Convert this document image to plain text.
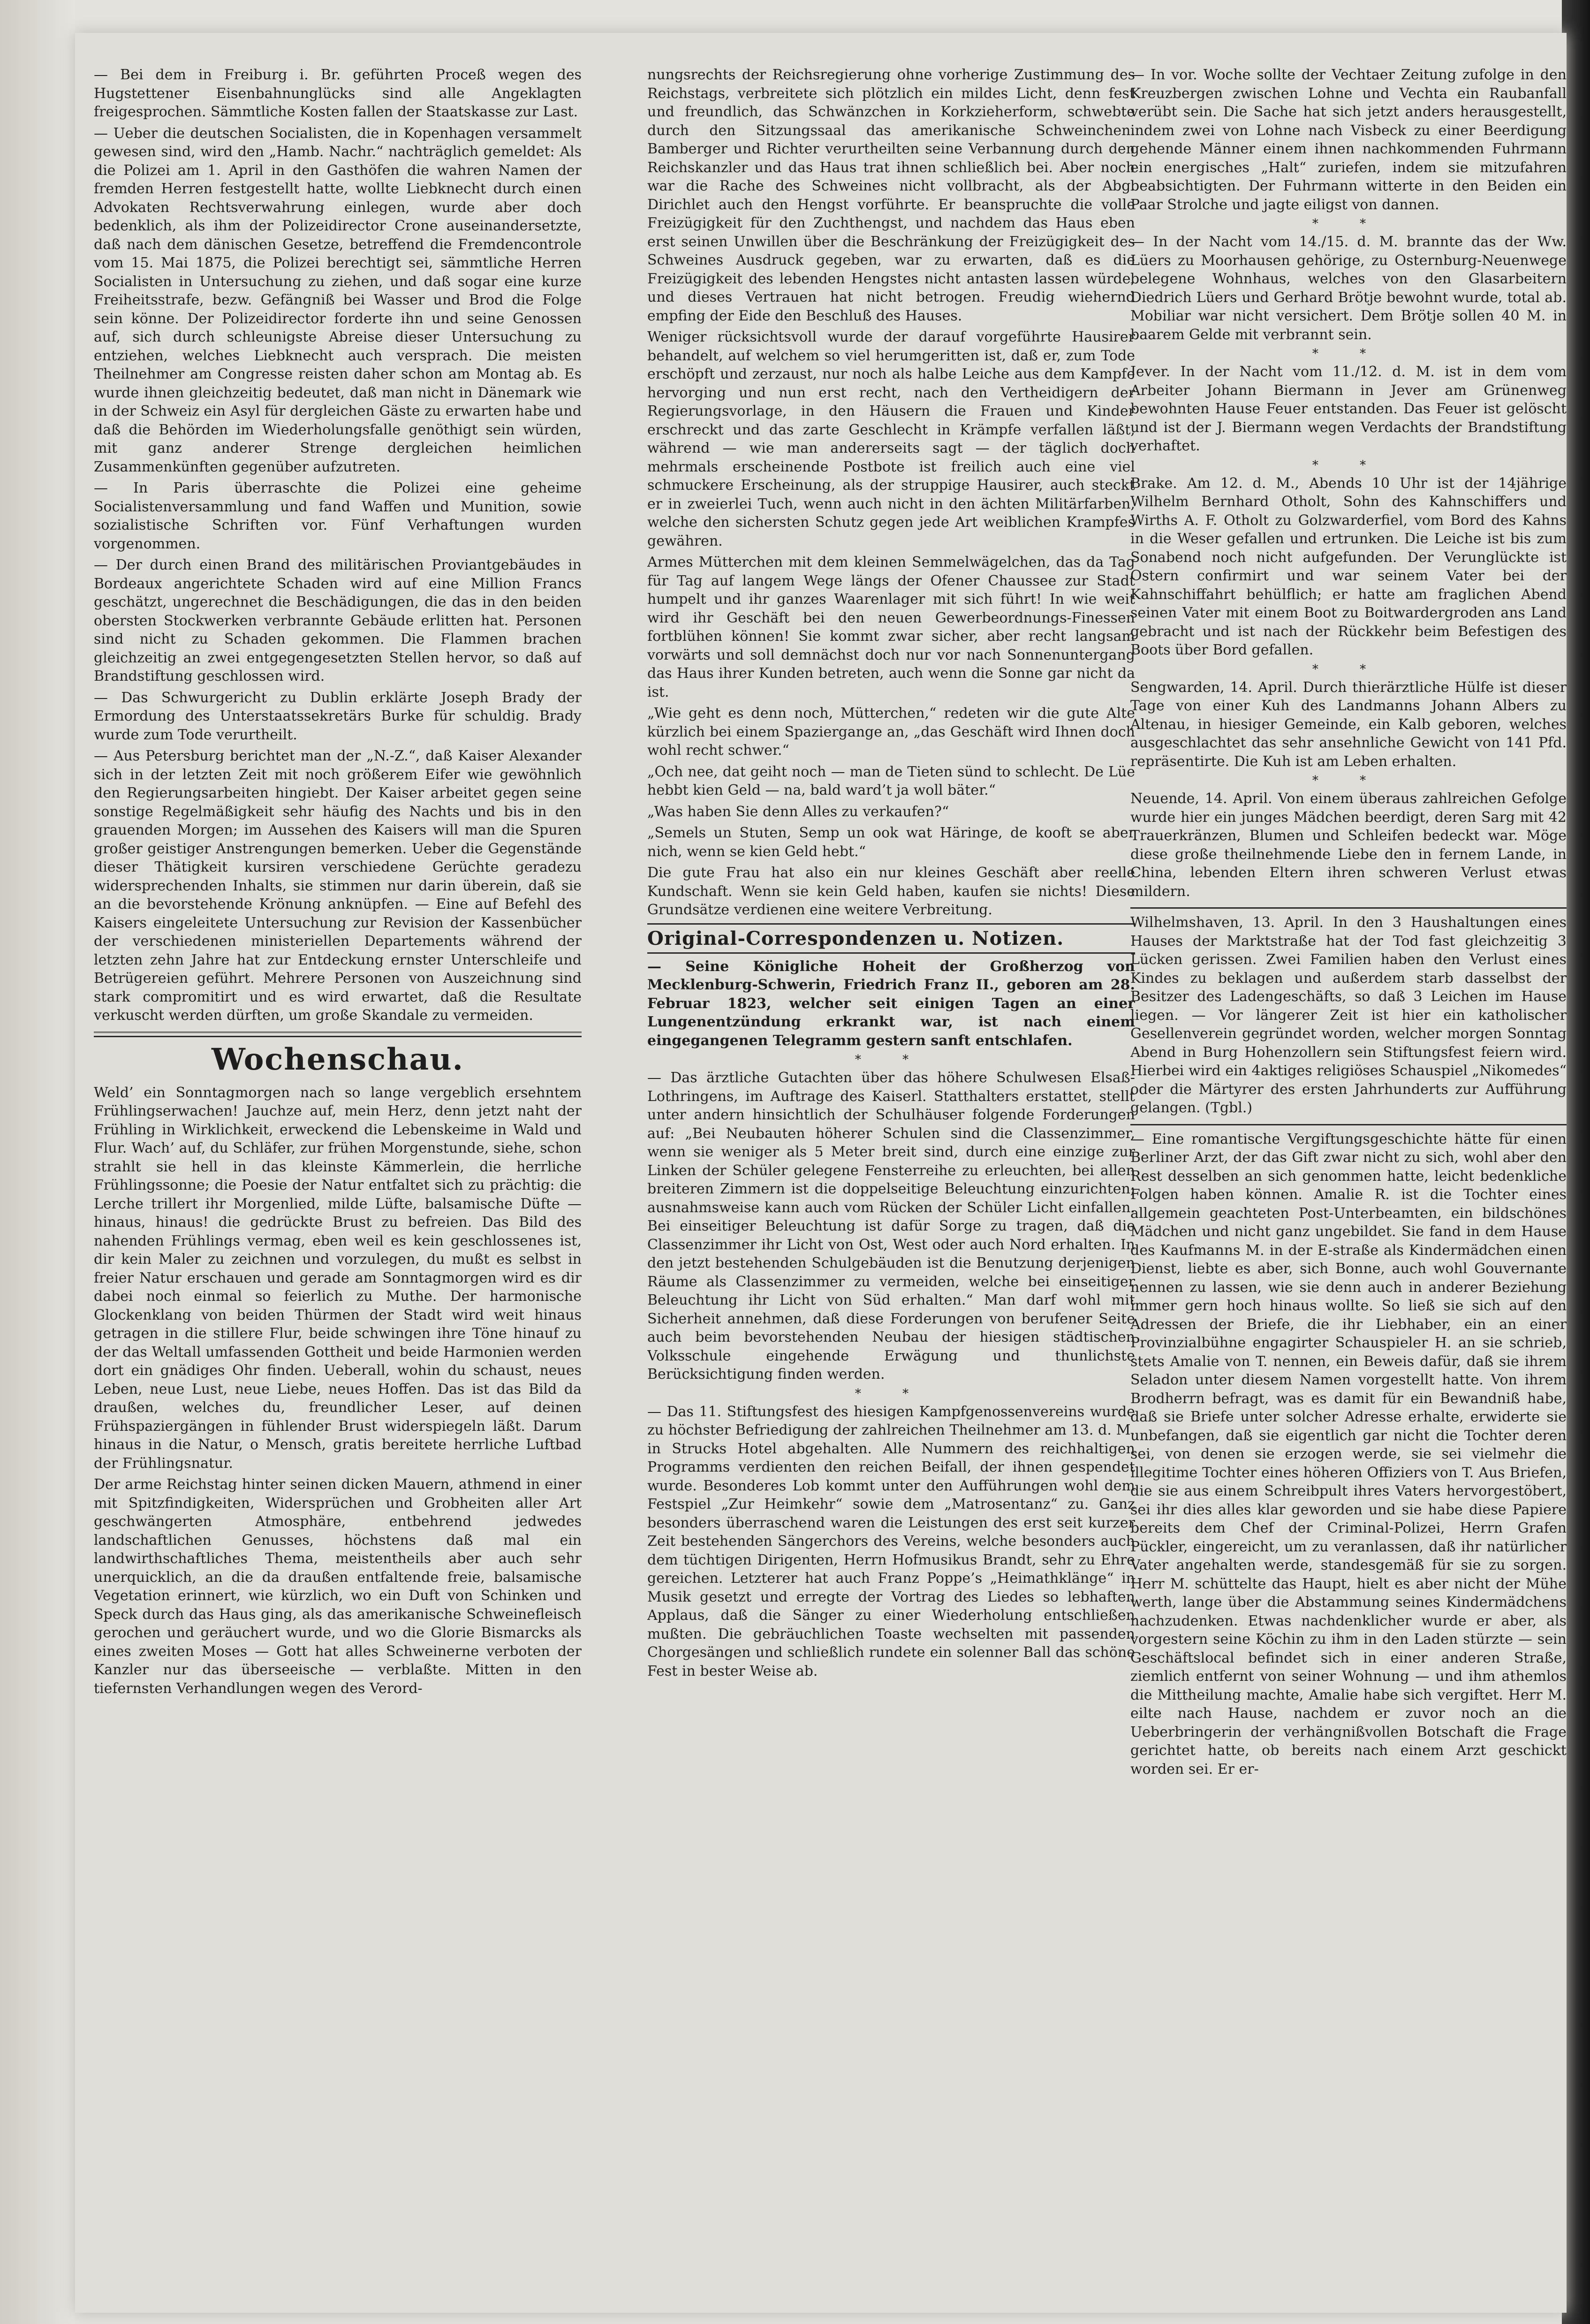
— Bei dem in Freiburg i. Br. geführten Proceß wegen des Hugstettener Eisenbahnunglücks sind alle Angeklagten freigesprochen. Sämmtliche Kosten fallen der Staatskasse zur Last.

— Ueber die deutschen Socialisten, die in Kopenhagen versammelt gewesen sind, wird den „Hamb. Nachr.“ nachträglich gemeldet: Als die Polizei am 1. April in den Gasthöfen die wahren Namen der fremden Herren festgestellt hatte, wollte Liebknecht durch einen Advokaten Rechtsverwahrung einlegen, wurde aber doch bedenklich, als ihm der Polizeidirector Crone auseinandersetzte, daß nach dem dänischen Gesetze, betreffend die Fremdencontrole vom 15. Mai 1875, die Polizei berechtigt sei, sämmtliche Herren Socialisten in Untersuchung zu ziehen, und daß sogar eine kurze Freiheitsstrafe, bezw. Gefängniß bei Wasser und Brod die Folge sein könne. Der Polizeidirector forderte ihn und seine Genossen auf, sich durch schleunigste Abreise dieser Untersuchung zu entziehen, welches Liebknecht auch versprach. Die meisten Theilnehmer am Congresse reisten daher schon am Montag ab. Es wurde ihnen gleichzeitig bedeutet, daß man nicht in Dänemark wie in der Schweiz ein Asyl für dergleichen Gäste zu erwarten habe und daß die Behörden im Wiederholungsfalle genöthigt sein würden, mit ganz anderer Strenge dergleichen heimlichen Zusammenkünften gegenüber aufzutreten.

— In Paris überraschte die Polizei eine geheime Socialistenversammlung und fand Waffen und Munition, sowie sozialistische Schriften vor. Fünf Verhaftungen wurden vorgenommen.

— Der durch einen Brand des militärischen Proviantgebäudes in Bordeaux angerichtete Schaden wird auf eine Million Francs geschätzt, ungerechnet die Beschädigungen, die das in den beiden obersten Stockwerken verbrannte Gebäude erlitten hat. Personen sind nicht zu Schaden gekommen. Die Flammen brachen gleichzeitig an zwei entgegengesetzten Stellen hervor, so daß auf Brandstiftung geschlossen wird.

— Das Schwurgericht zu Dublin erklärte Joseph Brady der Ermordung des Unterstaatssekretärs Burke für schuldig. Brady wurde zum Tode verurtheilt.

— Aus Petersburg berichtet man der „N.-Z.“, daß Kaiser Alexander sich in der letzten Zeit mit noch größerem Eifer wie gewöhnlich den Regierungsarbeiten hingiebt. Der Kaiser arbeitet gegen seine sonstige Regelmäßigkeit sehr häufig des Nachts und bis in den grauenden Morgen; im Aussehen des Kaisers will man die Spuren großer geistiger Anstrengungen bemerken. Ueber die Gegenstände dieser Thätigkeit kursiren verschiedene Gerüchte geradezu widersprechenden Inhalts, sie stimmen nur darin überein, daß sie an die bevorstehende Krönung anknüpfen. — Eine auf Befehl des Kaisers eingeleitete Untersuchung zur Revision der Kassenbücher der verschiedenen ministeriellen Departements während der letzten zehn Jahre hat zur Entdeckung ernster Unterschleife und Betrügereien geführt. Mehrere Personen von Auszeichnung sind stark compromitirt und es wird erwartet, daß die Resultate verkuscht werden dürften, um große Skandale zu vermeiden.

Wochenschau.

Weld’ ein Sonntagmorgen nach so lange vergeblich ersehntem Frühlingserwachen! Jauchze auf, mein Herz, denn jetzt naht der Frühling in Wirklichkeit, erweckend die Lebenskeime in Wald und Flur. Wach’ auf, du Schläfer, zur frühen Morgenstunde, siehe, schon strahlt sie hell in das kleinste Kämmerlein, die herrliche Frühlingssonne; die Poesie der Natur entfaltet sich zu prächtig: die Lerche trillert ihr Morgenlied, milde Lüfte, balsamische Düfte — hinaus, hinaus! die gedrückte Brust zu befreien. Das Bild des nahenden Frühlings vermag, eben weil es kein geschlossenes ist, dir kein Maler zu zeichnen und vorzulegen, du mußt es selbst in freier Natur erschauen und gerade am Sonntagmorgen wird es dir dabei noch einmal so feierlich zu Muthe. Der harmonische Glockenklang von beiden Thürmen der Stadt wird weit hinaus getragen in die stillere Flur, beide schwingen ihre Töne hinauf zu der das Weltall umfassenden Gottheit und beide Harmonien werden dort ein gnädiges Ohr finden. Ueberall, wohin du schaust, neues Leben, neue Lust, neue Liebe, neues Hoffen. Das ist das Bild da draußen, welches du, freundlicher Leser, auf deinen Frühspaziergängen in fühlender Brust widerspiegeln läßt. Darum hinaus in die Natur, o Mensch, gratis bereitete herrliche Luftbad der Frühlingsnatur.

Der arme Reichstag hinter seinen dicken Mauern, athmend in einer mit Spitzfindigkeiten, Widersprüchen und Grobheiten aller Art geschwängerten Atmosphäre, entbehrend jedwedes landschaftlichen Genusses, höchstens daß mal ein landwirthschaftliches Thema, meistentheils aber auch sehr unerquicklich, an die da draußen entfaltende freie, balsamische Vegetation erinnert, wie kürzlich, wo ein Duft von Schinken und Speck durch das Haus ging, als das amerikanische Schweinefleisch gerochen und geräuchert wurde, und wo die Glorie Bismarcks als eines zweiten Moses — Gott hat alles Schweinerne verboten der Kanzler nur das überseeische — verblaßte. Mitten in den tiefernsten Verhandlungen wegen des Verord-

nungsrechts der Reichsregierung ohne vorherige Zustimmung des Reichstags, verbreitete sich plötzlich ein mildes Licht, denn fest und freundlich, das Schwänzchen in Korkzieherform, schwebte durch den Sitzungssaal das amerikanische Schweinchen. Bamberger und Richter verurtheilten seine Verbannung durch den Reichskanzler und das Haus trat ihnen schließlich bei. Aber noch war die Rache des Schweines nicht vollbracht, als der Abg. Dirichlet auch den Hengst vorführte. Er beanspruchte die volle Freizügigkeit für den Zuchthengst, und nachdem das Haus eben erst seinen Unwillen über die Beschränkung der Freizügigkeit des Schweines Ausdruck gegeben, war zu erwarten, daß es die Freizügigkeit des lebenden Hengstes nicht antasten lassen würde, und dieses Vertrauen hat nicht betrogen. Freudig wiehernd empfing der Eide den Beschluß des Hauses.

Weniger rücksichtsvoll wurde der darauf vorgeführte Hausirer behandelt, auf welchem so viel herumgeritten ist, daß er, zum Tode erschöpft und zerzaust, nur noch als halbe Leiche aus dem Kampfe hervorging und nun erst recht, nach den Vertheidigern der Regierungsvorlage, in den Häusern die Frauen und Kinder erschreckt und das zarte Geschlecht in Krämpfe verfallen läßt, während — wie man andererseits sagt — der täglich doch mehrmals erscheinende Postbote ist freilich auch eine viel schmuckere Erscheinung, als der struppige Hausirer, auch steckt er in zweierlei Tuch, wenn auch nicht in den ächten Militärfarben, welche den sichersten Schutz gegen jede Art weiblichen Krampfes gewähren.

Armes Mütterchen mit dem kleinen Semmelwägelchen, das da Tag für Tag auf langem Wege längs der Ofener Chaussee zur Stadt humpelt und ihr ganzes Waarenlager mit sich führt! In wie weit wird ihr Geschäft bei den neuen Gewerbeordnungs-Finessen fortblühen können! Sie kommt zwar sicher, aber recht langsam vorwärts und soll demnächst doch nur vor nach Sonnenuntergang das Haus ihrer Kunden betreten, auch wenn die Sonne gar nicht da ist.

„Wie geht es denn noch, Mütterchen,“ redeten wir die gute Alte kürzlich bei einem Spaziergange an, „das Geschäft wird Ihnen doch wohl recht schwer.“

„Och nee, dat geiht noch — man de Tieten sünd to schlecht. De Lüe hebbt kien Geld — na, bald ward’t ja woll bäter.“

„Was haben Sie denn Alles zu verkaufen?“

„Semels un Stuten, Semp un ook wat Häringe, de kooft se aber nich, wenn se kien Geld hebt.“

Die gute Frau hat also ein nur kleines Geschäft aber reelle Kundschaft. Wenn sie kein Geld haben, kaufen sie nichts! Diese Grundsätze verdienen eine weitere Verbreitung.

Original-Correspondenzen u. Notizen.

— Seine Königliche Hoheit der Großherzog von Mecklenburg-Schwerin, Friedrich Franz II., geboren am 28. Februar 1823, welcher seit einigen Tagen an einer Lungenentzündung erkrankt war, ist nach einem eingegangenen Telegramm gestern sanft entschlafen.

* *

— Das ärztliche Gutachten über das höhere Schulwesen Elsaß-Lothringens, im Auftrage des Kaiserl. Statthalters erstattet, stellt unter andern hinsichtlich der Schulhäuser folgende Forderungen auf: „Bei Neubauten höherer Schulen sind die Classenzimmer, wenn sie weniger als 5 Meter breit sind, durch eine einzige zur Linken der Schüler gelegene Fensterreihe zu erleuchten, bei allen breiteren Zimmern ist die doppelseitige Beleuchtung einzurichten; ausnahmsweise kann auch vom Rücken der Schüler Licht einfallen. Bei einseitiger Beleuchtung ist dafür Sorge zu tragen, daß die Classenzimmer ihr Licht von Ost, West oder auch Nord erhalten. In den jetzt bestehenden Schulgebäuden ist die Benutzung derjenigen Räume als Classenzimmer zu vermeiden, welche bei einseitiger Beleuchtung ihr Licht von Süd erhalten.“ Man darf wohl mit Sicherheit annehmen, daß diese Forderungen von berufener Seite auch beim bevorstehenden Neubau der hiesigen städtischen Volksschule eingehende Erwägung und thunlichste Berücksichtigung finden werden.

* *

— Das 11. Stiftungsfest des hiesigen Kampfgenossenvereins wurde zu höchster Befriedigung der zahlreichen Theilnehmer am 13. d. M. in Strucks Hotel abgehalten. Alle Nummern des reichhaltigen Programms verdienten den reichen Beifall, der ihnen gespendet wurde. Besonderes Lob kommt unter den Aufführungen wohl dem Festspiel „Zur Heimkehr“ sowie dem „Matrosentanz“ zu. Ganz besonders überraschend waren die Leistungen des erst seit kurzer Zeit bestehenden Sängerchors des Vereins, welche besonders auch dem tüchtigen Dirigenten, Herrn Hofmusikus Brandt, sehr zu Ehre gereichen. Letzterer hat auch Franz Poppe’s „Heimathklänge“ in Musik gesetzt und erregte der Vortrag des Liedes so lebhaften Applaus, daß die Sänger zu einer Wiederholung entschließen mußten. Die gebräuchlichen Toaste wechselten mit passenden Chorgesängen und schließlich rundete ein solenner Ball das schöne Fest in bester Weise ab.

— In vor. Woche sollte der Vechtaer Zeitung zufolge in den Kreuzbergen zwischen Lohne und Vechta ein Raubanfall verübt sein. Die Sache hat sich jetzt anders herausgestellt, indem zwei von Lohne nach Visbeck zu einer Beerdigung gehende Männer einem ihnen nachkommenden Fuhrmann ein energisches „Halt“ zuriefen, indem sie mitzufahren beabsichtigten. Der Fuhrmann witterte in den Beiden ein Paar Strolche und jagte eiligst von dannen.

* *

— In der Nacht vom 14./15. d. M. brannte das der Ww. Lüers zu Moorhausen gehörige, zu Osternburg-Neuenwege belegene Wohnhaus, welches von den Glasarbeitern Diedrich Lüers und Gerhard Brötje bewohnt wurde, total ab. Mobiliar war nicht versichert. Dem Brötje sollen 40 M. in baarem Gelde mit verbrannt sein.

* *

Jever. In der Nacht vom 11./12. d. M. ist in dem vom Arbeiter Johann Biermann in Jever am Grünenweg bewohnten Hause Feuer entstanden. Das Feuer ist gelöscht und ist der J. Biermann wegen Verdachts der Brandstiftung verhaftet.

* *

Brake. Am 12. d. M., Abends 10 Uhr ist der 14jährige Wilhelm Bernhard Otholt, Sohn des Kahnschiffers und Wirths A. F. Otholt zu Golzwarderfiel, vom Bord des Kahns in die Weser gefallen und ertrunken. Die Leiche ist bis zum Sonabend noch nicht aufgefunden. Der Verunglückte ist Ostern confirmirt und war seinem Vater bei der Kahnschiffahrt behülflich; er hatte am fraglichen Abend seinen Vater mit einem Boot zu Boitwardergroden ans Land gebracht und ist nach der Rückkehr beim Befestigen des Boots über Bord gefallen.

* *

Sengwarden, 14. April. Durch thierärztliche Hülfe ist dieser Tage von einer Kuh des Landmanns Johann Albers zu Altenau, in hiesiger Gemeinde, ein Kalb geboren, welches ausgeschlachtet das sehr ansehnliche Gewicht von 141 Pfd. repräsentirte. Die Kuh ist am Leben erhalten.

* *

Neuende, 14. April. Von einem überaus zahlreichen Gefolge wurde hier ein junges Mädchen beerdigt, deren Sarg mit 42 Trauerkränzen, Blumen und Schleifen bedeckt war. Möge diese große theilnehmende Liebe den in fernem Lande, in China, lebenden Eltern ihren schweren Verlust etwas mildern.

Wilhelmshaven, 13. April. In den 3 Haushaltungen eines Hauses der Marktstraße hat der Tod fast gleichzeitig 3 Lücken gerissen. Zwei Familien haben den Verlust eines Kindes zu beklagen und außerdem starb dasselbst der Besitzer des Ladengeschäfts, so daß 3 Leichen im Hause liegen. — Vor längerer Zeit ist hier ein katholischer Gesellenverein gegründet worden, welcher morgen Sonntag Abend in Burg Hohenzollern sein Stiftungsfest feiern wird. Hierbei wird ein 4aktiges religiöses Schauspiel „Nikomedes“ oder die Märtyrer des ersten Jahrhunderts zur Aufführung gelangen. (Tgbl.)

— Eine romantische Vergiftungsgeschichte hätte für einen Berliner Arzt, der das Gift zwar nicht zu sich, wohl aber den Rest desselben an sich genommen hatte, leicht bedenkliche Folgen haben können. Amalie R. ist die Tochter eines allgemein geachteten Post-Unterbeamten, ein bildschönes Mädchen und nicht ganz ungebildet. Sie fand in dem Hause des Kaufmanns M. in der E-straße als Kindermädchen einen Dienst, liebte es aber, sich Bonne, auch wohl Gouvernante nennen zu lassen, wie sie denn auch in anderer Beziehung immer gern hoch hinaus wollte. So ließ sie sich auf den Adressen der Briefe, die ihr Liebhaber, ein an einer Provinzialbühne engagirter Schauspieler H. an sie schrieb, stets Amalie von T. nennen, ein Beweis dafür, daß sie ihrem Seladon unter diesem Namen vorgestellt hatte. Von ihrem Brodherrn befragt, was es damit für ein Bewandniß habe, daß sie Briefe unter solcher Adresse erhalte, erwiderte sie unbefangen, daß sie eigentlich gar nicht die Tochter deren sei, von denen sie erzogen werde, sie sei vielmehr die illegitime Tochter eines höheren Offiziers von T. Aus Briefen, die sie aus einem Schreibpult ihres Vaters hervorgestöbert, sei ihr dies alles klar geworden und sie habe diese Papiere bereits dem Chef der Criminal-Polizei, Herrn Grafen Pückler, eingereicht, um zu veranlassen, daß ihr natürlicher Vater angehalten werde, standesgemäß für sie zu sorgen. Herr M. schüttelte das Haupt, hielt es aber nicht der Mühe werth, lange über die Abstammung seines Kindermädchens nachzudenken. Etwas nachdenklicher wurde er aber, als vorgestern seine Köchin zu ihm in den Laden stürzte — sein Geschäftslocal befindet sich in einer anderen Straße, ziemlich entfernt von seiner Wohnung — und ihm athemlos die Mittheilung machte, Amalie habe sich vergiftet. Herr M. eilte nach Hause, nachdem er zuvor noch an die Ueberbringerin der verhängnißvollen Botschaft die Frage gerichtet hatte, ob bereits nach einem Arzt geschickt worden sei. Er er-
